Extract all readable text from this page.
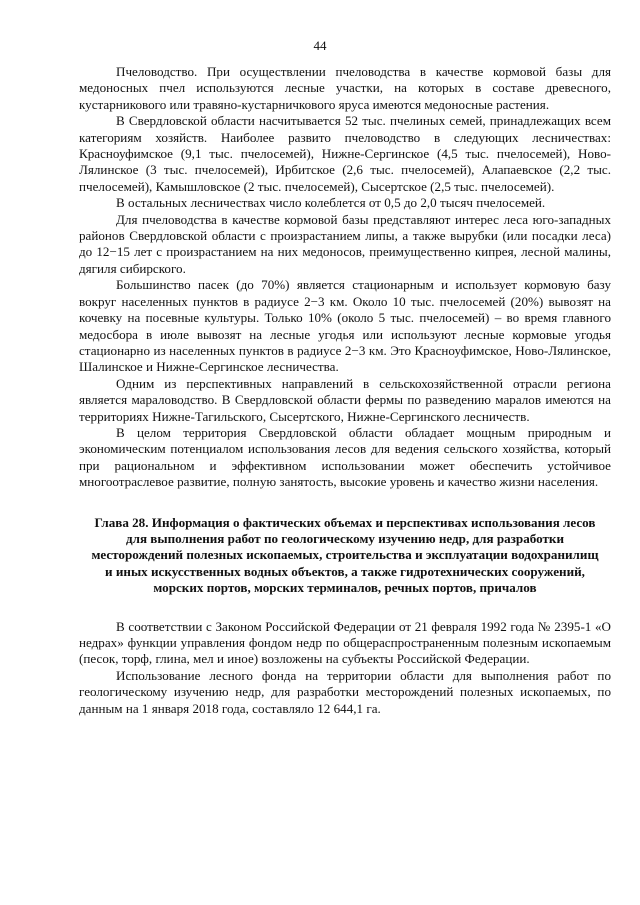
44

Пчеловодство. При осуществлении пчеловодства в качестве кормовой базы для медоносных пчел используются лесные участки, на которых в составе древесного, кустарникового или травяно-кустарничкового яруса имеются медоносные растения.

В Свердловской области насчитывается 52 тыс. пчелиных семей, принадлежащих всем категориям хозяйств. Наиболее развито пчеловодство в следующих лесничествах: Красноуфимское (9,1 тыс. пчелосемей), Нижне-Сергинское (4,5 тыс. пчелосемей), Ново-Лялинское (3 тыс. пчелосемей), Ирбитское (2,6 тыс. пчелосемей), Алапаевское (2,2 тыс. пчелосемей), Камышловское (2 тыс. пчелосемей), Сысертское (2,5 тыс. пчелосемей).

В остальных лесничествах число колеблется от 0,5 до 2,0 тысяч пчелосемей.

Для пчеловодства в качестве кормовой базы представляют интерес леса юго-западных районов Свердловской области с произрастанием липы, а также вырубки (или посадки леса) до 12−15 лет с произрастанием на них медоносов, преимущественно кипрея, лесной малины, дягиля сибирского.

Большинство пасек (до 70%) является стационарным и использует кормовую базу вокруг населенных пунктов в радиусе 2−3 км. Около 10 тыс. пчелосемей (20%) вывозят на кочевку на посевные культуры. Только 10% (около 5 тыс. пчелосемей) – во время главного медосбора в июле вывозят на лесные угодья или используют лесные кормовые угодья стационарно из населенных пунктов в радиусе 2−3 км. Это Красноуфимское, Ново-Лялинское, Шалинское и Нижне-Сергинское лесничества.

Одним из перспективных направлений в сельскохозяйственной отрасли региона является мараловодство. В Свердловской области фермы по разведению маралов имеются на территориях Нижне-Тагильского, Сысертского, Нижне-Сергинского лесничеств.

В целом территория Свердловской области обладает мощным природным и экономическим потенциалом использования лесов для ведения сельского хозяйства, который при рациональном и эффективном использовании может обеспечить устойчивое многоотраслевое развитие, полную занятость, высокие уровень и качество жизни населения.

Глава 28. Информация о фактических объемах и перспективах использования лесов для выполнения работ по геологическому изучению недр, для разработки месторождений полезных ископаемых, строительства и эксплуатации водохранилищ и иных искусственных водных объектов, а также гидротехнических сооружений, морских портов, морских терминалов, речных портов, причалов

В соответствии с Законом Российской Федерации от 21 февраля 1992 года № 2395-1 «О недрах» функции управления фондом недр по общераспространенным полезным ископаемым (песок, торф, глина, мел и иное) возложены на субъекты Российской Федерации.

Использование лесного фонда на территории области для выполнения работ по геологическому изучению недр, для разработки месторождений полезных ископаемых, по данным на 1 января 2018 года, составляло 12 644,1 га.
